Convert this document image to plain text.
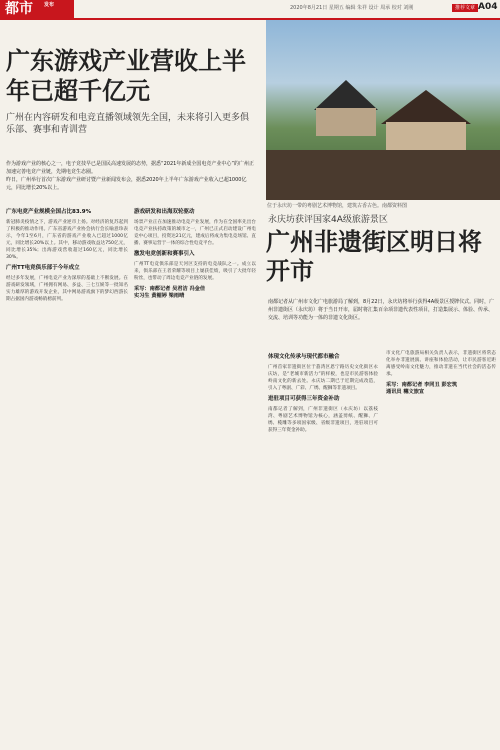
都市 发布	2020年8月21日 星期五 编辑 朱祥 设计 周承 校对 刘刚	推荐文章 A04
广东游戏产业营收上半年已超千亿元
广州在内容研发和电竞直播领域领先全国，未来将引入更多俱乐部、赛事和青训营
作为游戏产业的核心之一，电子竞技早已是国民高速发展的态势，据悉“2021年新成全国电竞产业中心”的广州正加速完善电竞产业链，先期电竞生态圈。
昨日，广州举行首次广东游戏产业研讨暨产业新闻发布会，据悉2020年上半年广东游戏产业收入已超1000亿元，同比增长20%以上。
广东电竞产业规模全国占比83.9%
新冠肺炎疫情之下，游戏产业逆市上扬。对经济的复苏起到了积极的推动作用。广东省游戏产业协会执行会长喻意珍表示，今年1至6月，广东省的游戏产业收入已超过1000亿元，同比增长20%以上。其中，移动游戏收益达750亿元，同比增长35%；出海游戏营收超过160亿元，同比增长30%。
广州TT电竞俱乐部于今年成立
经过多年发展，广州电竞产业为深厚的基础上不断发展。在游戏研发领域，广州拥有网易、多益、三七互娱等一批知名实力雄厚的游戏开发企业，其中网易游戏旗下的梦幻西游长期占据国内游戏畅销榜前列。
游戏研发和出海双轮驱动
场景产业正在加速推动电竞产业发展，作为在全国率先出台电竞产业扶持政策的城市之一，广州已正式启动建设广州电竞中心项目，投资达21亿元，建成后将成为集电竞场馆、直播、赛事运营于一体的综合性电竞平台。
激发电竞创新和赛事引入
广州TT电竞俱乐部是天河区支持的电竞战队之一。成立以来，俱乐部在王者荣耀等项目上屡获佳绩，吸引了大批年轻粉丝，也带动了周边电竞产业链的发展。
采写：南都记者 吴君洁 冯金佳
实习生 黄楣婷 梁雨晴
位于永庆坊一带的粤剧艺术博物馆，建筑古香古色。南都资料图
永庆坊获评国家4A级旅游景区
广州非遗街区明日将开市
南都记者从广州市文化广电旅游局了解到，8月22日，永庆坊将举行获得4A级景区授牌仪式。同时，广州非遗街区（永庆坊）将于当日开市，届时将汇集百余项非遗代表性项目，打造集展示、体验、传承、交流、培训等功能为一体的非遗文化街区。
体现文化传承与现代都市融合
广州首家非遗街区位于荔湾区恩宁路历史文化街区永庆坊，是“老城市新活力”的样板，也是市民游客体验岭南文化的新去处。永庆坊二期已于近期完成改造，引入了粤剧、广彩、广绣、醒狮等非遗项目。
进驻项目可获得三年资金补助
南都记者了解到，广州非遗街区（永庆坊）以荔枝湾、粤剧艺术博物馆为核心，涵盖剪纸、醒狮、广绣、榄雕等多项国家级、省级非遗项目，进驻项目可获得三年资金补助。
市文化广电旅游局相关负责人表示，非遗街区将常态化举办非遗展演、讲座和体验活动，让市民游客近距离感受岭南文化魅力，推动非遗在当代社会的活态传承。
采写：南都记者 李同丑 彭宏筑
通讯员 穗文旅宣
